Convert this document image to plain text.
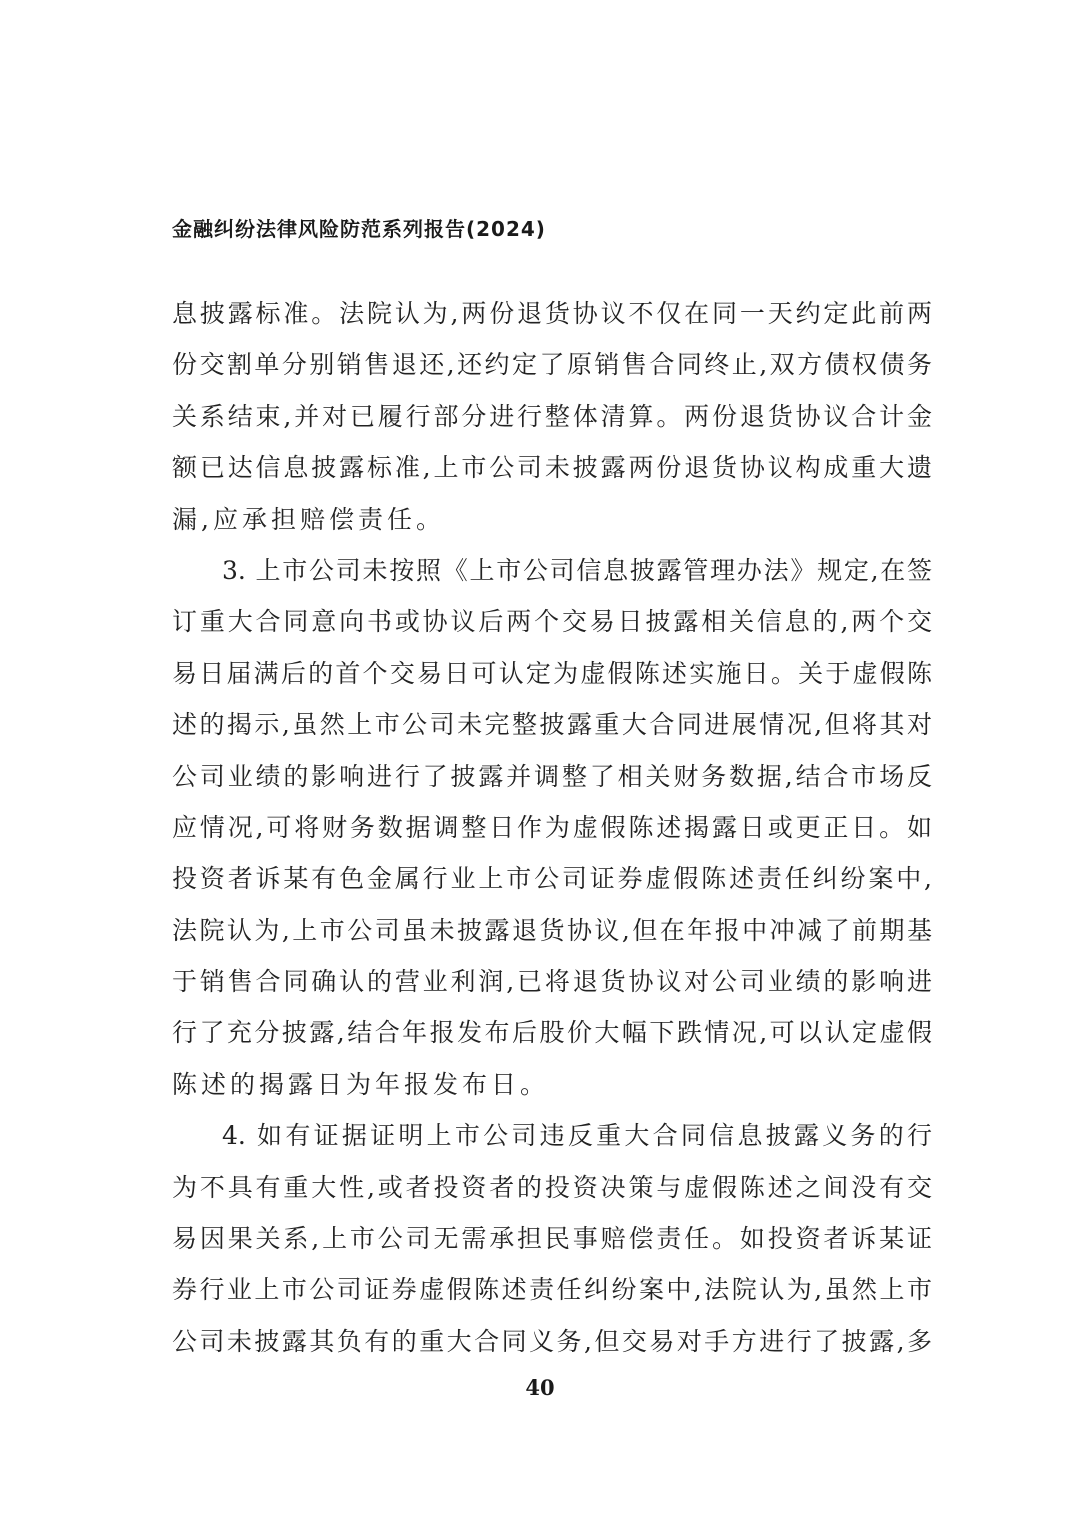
金融纠纷法律风险防范系列报告(2024)
息披露标准。法院认为,两份退货协议不仅在同一天约定此前两
份交割单分别销售退还,还约定了原销售合同终止,双方债权债务
关系结束,并对已履行部分进行整体清算。两份退货协议合计金
额已达信息披露标准,上市公司未披露两份退货协议构成重大遗
漏,应承担赔偿责任。
3. 上市公司未按照《上市公司信息披露管理办法》规定,在签
订重大合同意向书或协议后两个交易日披露相关信息的,两个交
易日届满后的首个交易日可认定为虚假陈述实施日。关于虚假陈
述的揭示,虽然上市公司未完整披露重大合同进展情况,但将其对
公司业绩的影响进行了披露并调整了相关财务数据,结合市场反
应情况,可将财务数据调整日作为虚假陈述揭露日或更正日。如
投资者诉某有色金属行业上市公司证券虚假陈述责任纠纷案中,
法院认为,上市公司虽未披露退货协议,但在年报中冲减了前期基
于销售合同确认的营业利润,已将退货协议对公司业绩的影响进
行了充分披露,结合年报发布后股价大幅下跌情况,可以认定虚假
陈述的揭露日为年报发布日。
4. 如有证据证明上市公司违反重大合同信息披露义务的行
为不具有重大性,或者投资者的投资决策与虚假陈述之间没有交
易因果关系,上市公司无需承担民事赔偿责任。如投资者诉某证
券行业上市公司证券虚假陈述责任纠纷案中,法院认为,虽然上市
公司未披露其负有的重大合同义务,但交易对手方进行了披露,多
40
